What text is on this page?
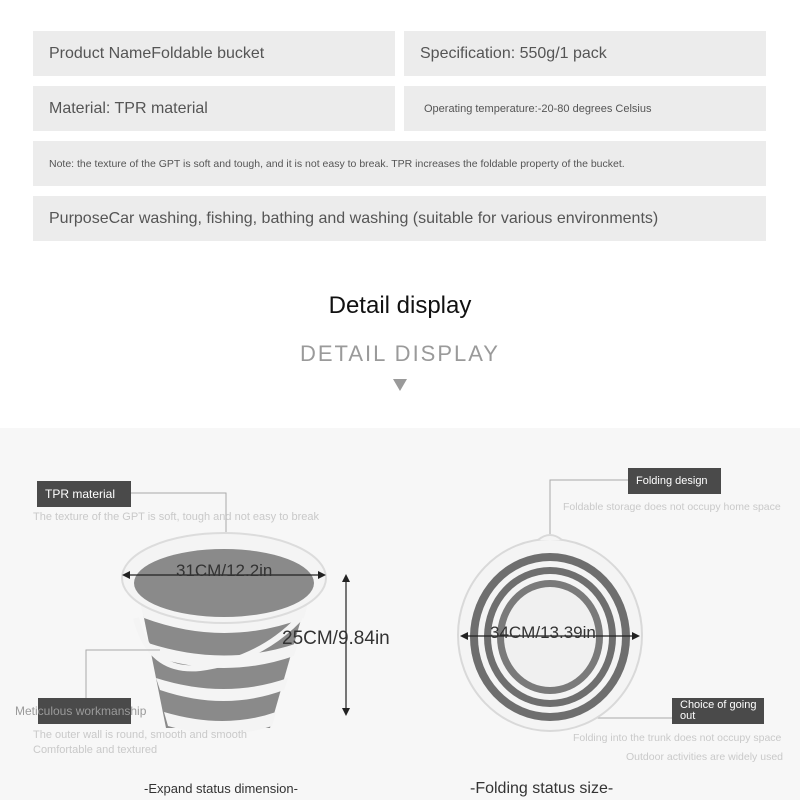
Product NameFoldable bucket	Specification: 550g/1 pack
Material: TPR material	Operating temperature:-20-80 degrees Celsius
Note: the texture of the GPT is soft and tough, and it is not easy to break. TPR increases the foldable property of the bucket.
PurposeCar washing, fishing, bathing and washing (suitable for various environments)
Detail display
DETAIL DISPLAY
TPR material
The texture of the GPT is soft, tough and not easy to break
31CM/12.2in
25CM/9.84in
Meticulous workmanship
The outer wall is round, smooth and smooth
Comfortable and textured
-Expand status dimension-
Folding design
Foldable storage does not occupy home space
34CM/13.39in
Choice of going out
Folding into the trunk does not occupy space
Outdoor activities are widely used
-Folding status size-
